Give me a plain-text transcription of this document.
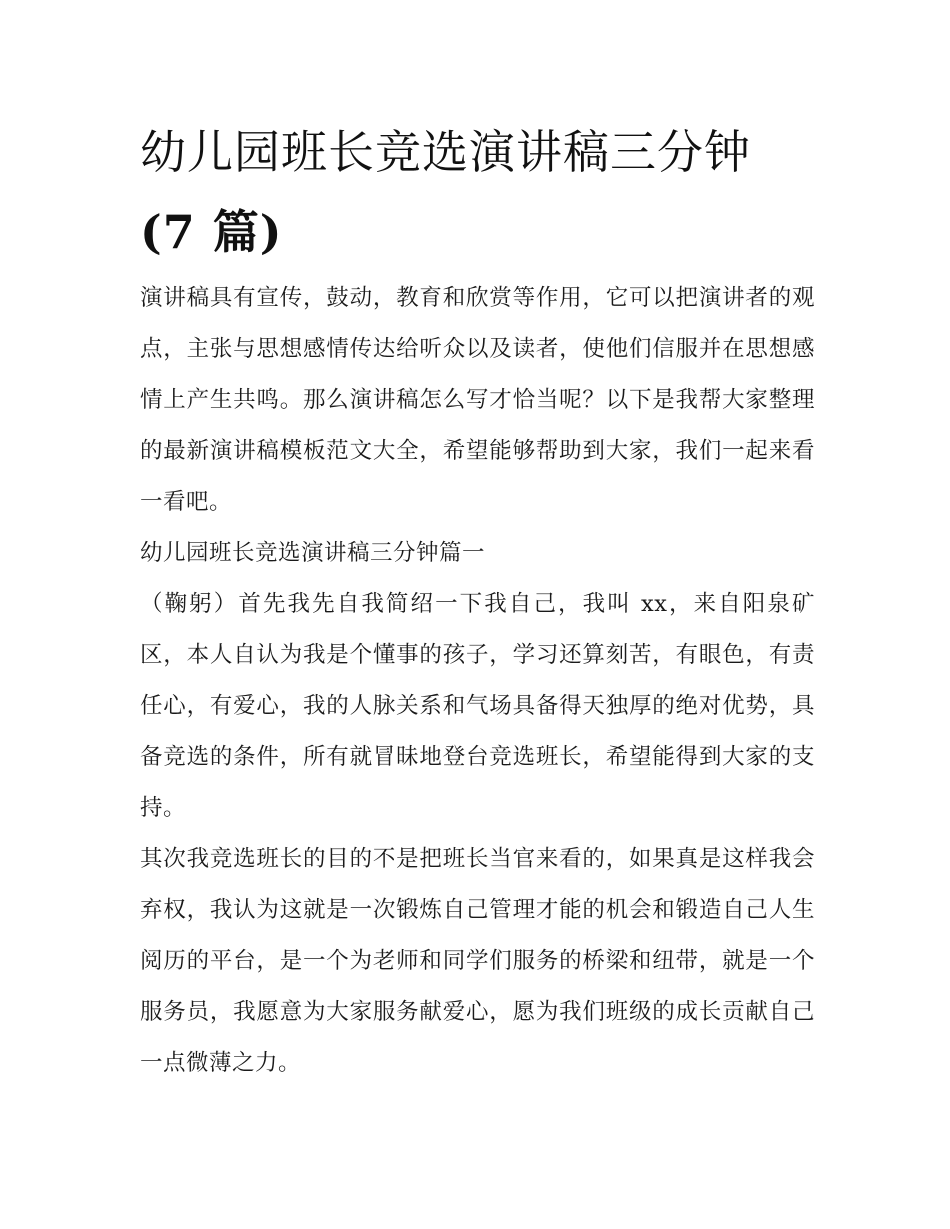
幼儿园班长竞选演讲稿三分钟
(7 篇)

演讲稿具有宣传，鼓动，教育和欣赏等作用，它可以把演讲者的观点，主张与思想感情传达给听众以及读者，使他们信服并在思想感情上产生共鸣。那么演讲稿怎么写才恰当呢？以下是我帮大家整理的最新演讲稿模板范文大全，希望能够帮助到大家，我们一起来看一看吧。

幼儿园班长竞选演讲稿三分钟篇一

（鞠躬）首先我先自我简绍一下我自己，我叫 xx，来自阳泉矿区，本人自认为我是个懂事的孩子，学习还算刻苦，有眼色，有责任心，有爱心，我的人脉关系和气场具备得天独厚的绝对优势，具备竞选的条件，所有就冒昧地登台竞选班长，希望能得到大家的支持。

其次我竞选班长的目的不是把班长当官来看的，如果真是这样我会弃权，我认为这就是一次锻炼自己管理才能的机会和锻造自己人生阅历的平台，是一个为老师和同学们服务的桥梁和纽带，就是一个服务员，我愿意为大家服务献爱心，愿为我们班级的成长贡献自己一点微薄之力。
